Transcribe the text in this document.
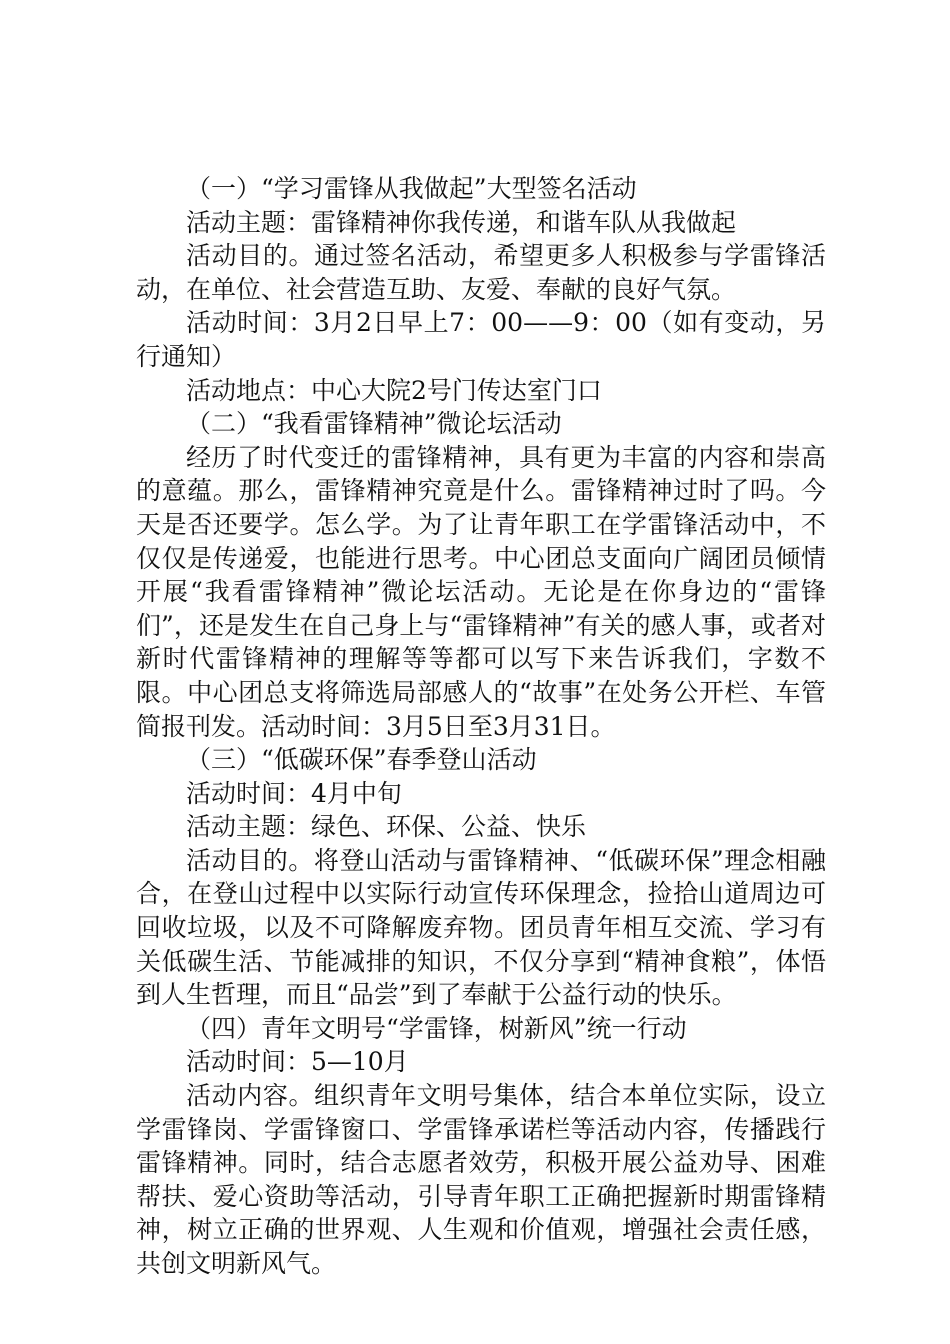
（一）“学习雷锋从我做起”大型签名活动

活动主题：雷锋精神你我传递，和谐车队从我做起

活动目的。通过签名活动，希望更多人积极参与学雷锋活动，在单位、社会营造互助、友爱、奉献的良好气氛。

活动时间：3月2日早上7：00——9：00（如有变动，另行通知）

活动地点：中心大院2号门传达室门口

（二）“我看雷锋精神”微论坛活动

经历了时代变迁的雷锋精神，具有更为丰富的内容和崇高的意蕴。那么，雷锋精神究竟是什么。雷锋精神过时了吗。今天是否还要学。怎么学。为了让青年职工在学雷锋活动中，不仅仅是传递爱，也能进行思考。中心团总支面向广阔团员倾情开展“我看雷锋精神”微论坛活动。无论是在你身边的“雷锋们”，还是发生在自己身上与“雷锋精神”有关的感人事，或者对新时代雷锋精神的理解等等都可以写下来告诉我们，字数不限。中心团总支将筛选局部感人的“故事”在处务公开栏、车管简报刊发。活动时间：3月5日至3月31日。

（三）“低碳环保”春季登山活动

活动时间：4月中旬

活动主题：绿色、环保、公益、快乐

活动目的。将登山活动与雷锋精神、“低碳环保”理念相融合，在登山过程中以实际行动宣传环保理念，捡拾山道周边可回收垃圾，以及不可降解废弃物。团员青年相互交流、学习有关低碳生活、节能减排的知识，不仅分享到“精神食粮”，体悟到人生哲理，而且“品尝”到了奉献于公益行动的快乐。

（四）青年文明号“学雷锋，树新风”统一行动

活动时间：5—10月

活动内容。组织青年文明号集体，结合本单位实际，设立学雷锋岗、学雷锋窗口、学雷锋承诺栏等活动内容，传播践行雷锋精神。同时，结合志愿者效劳，积极开展公益劝导、困难帮扶、爱心资助等活动，引导青年职工正确把握新时期雷锋精神，树立正确的世界观、人生观和价值观，增强社会责任感，共创文明新风气。
